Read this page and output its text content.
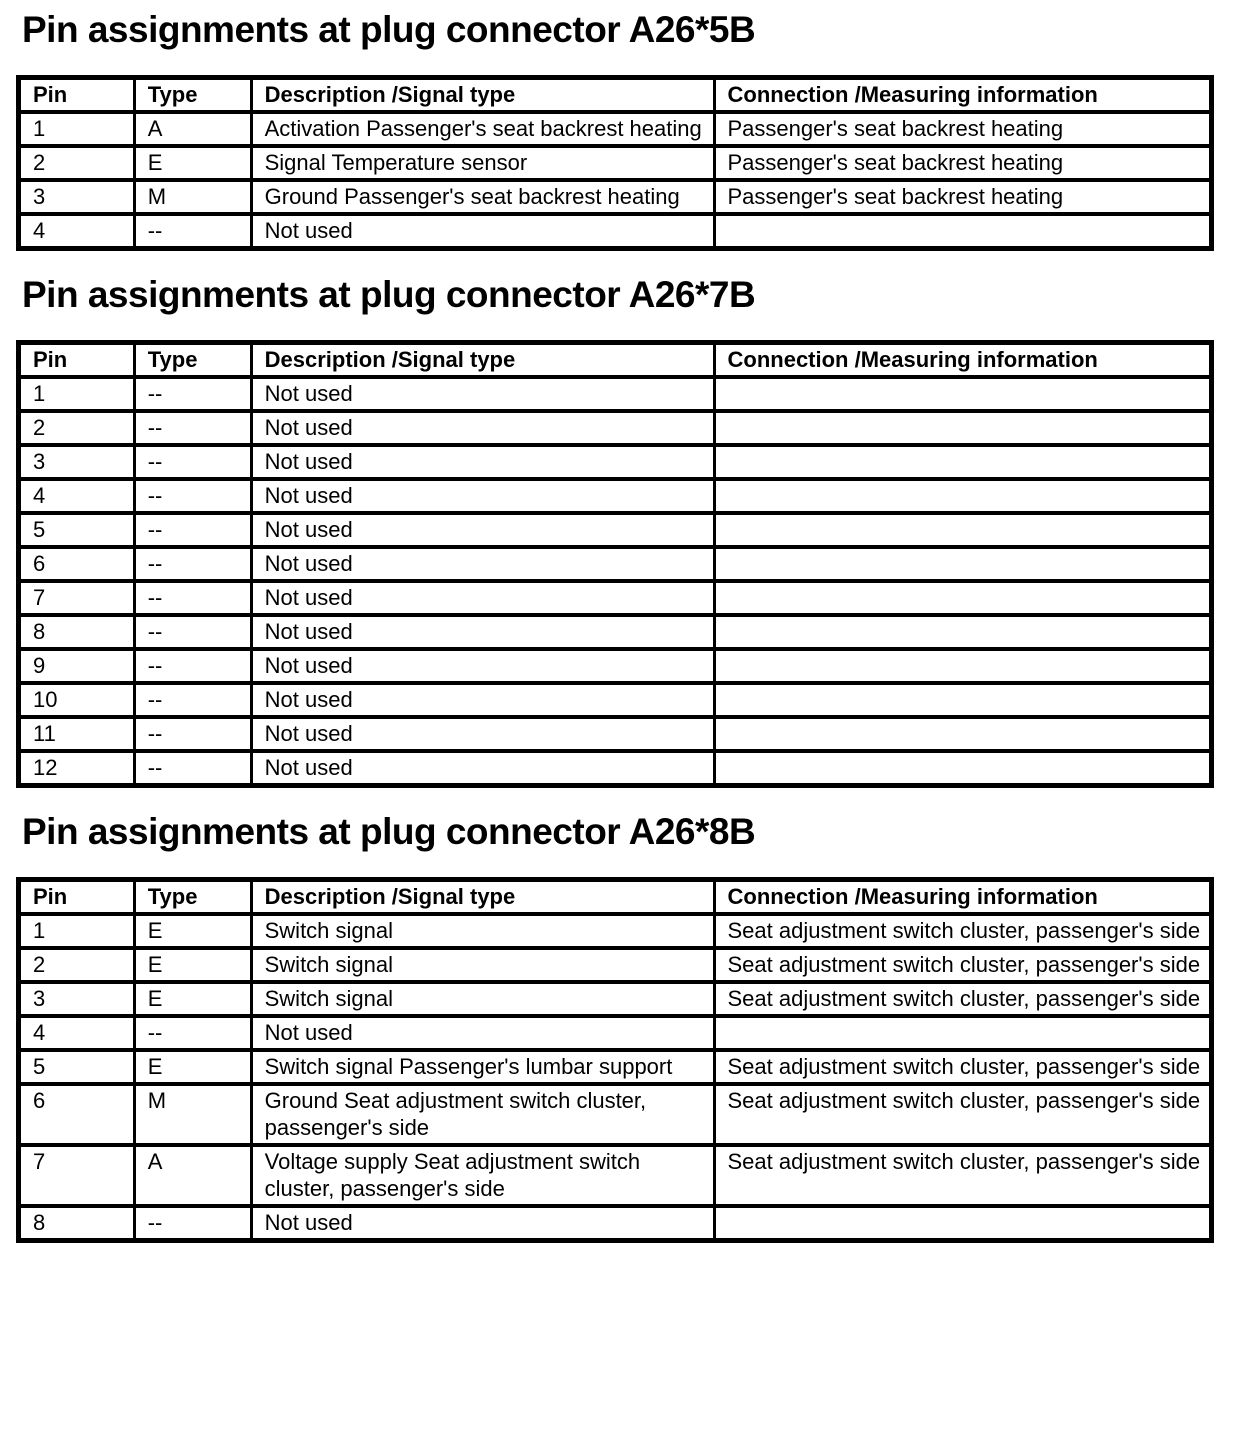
Pin assignments at plug connector A26*5B
Pin	Type	Description /Signal type	Connection /Measuring information
1	A	Activation Passenger's seat backrest heating	Passenger's seat backrest heating
2	E	Signal Temperature sensor	Passenger's seat backrest heating
3	M	Ground Passenger's seat backrest heating	Passenger's seat backrest heating
4	--	Not used	
Pin assignments at plug connector A26*7B
Pin	Type	Description /Signal type	Connection /Measuring information
1	--	Not used	
2	--	Not used	
3	--	Not used	
4	--	Not used	
5	--	Not used	
6	--	Not used	
7	--	Not used	
8	--	Not used	
9	--	Not used	
10	--	Not used	
11	--	Not used	
12	--	Not used	
Pin assignments at plug connector A26*8B
Pin	Type	Description /Signal type	Connection /Measuring information
1	E	Switch signal	Seat adjustment switch cluster, passenger's side
2	E	Switch signal	Seat adjustment switch cluster, passenger's side
3	E	Switch signal	Seat adjustment switch cluster, passenger's side
4	--	Not used	
5	E	Switch signal Passenger's lumbar support	Seat adjustment switch cluster, passenger's side
6	M	Ground Seat adjustment switch cluster, passenger's side	Seat adjustment switch cluster, passenger's side
7	A	Voltage supply Seat adjustment switch cluster, passenger's side	Seat adjustment switch cluster, passenger's side
8	--	Not used	
